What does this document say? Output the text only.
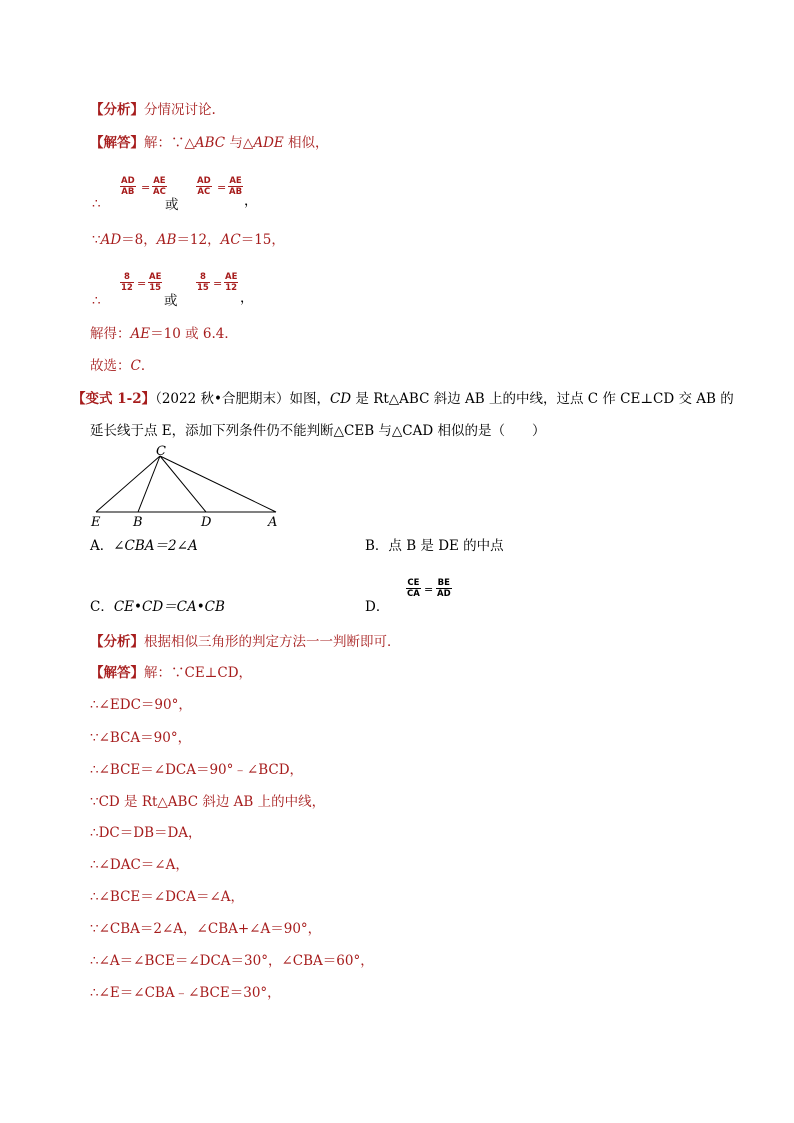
【分析】分情况讨论.
【解答】解：∵△ABC 与△ADE 相似，
∴
$\frac{AD}{AB} = \frac{AE}{AC}$
或
$\frac{AD}{AC} = \frac{AE}{AB}$
，
∵AD＝8，AB＝12，AC＝15，
∴
$\frac{8}{12} = \frac{AE}{15}$
或
$\frac{8}{15} = \frac{AE}{12}$
，
解得：AE＝10 或 6.4．
故选：C．
【变式 1-2】（2022 秋•合肥期末）如图，CD 是 Rt△ABC 斜边 AB 上的中线，过点 C 作 CE⊥CD 交 AB 的
延长线于点 E，添加下列条件仍不能判断△CEB 与△CAD 相似的是（　　）
C
E	B	D	A
A．∠CBA＝2∠A	B．点 B 是 DE 的中点
C．CE•CD＝CA•CB	D．
$\frac{CE}{CA} = \frac{BE}{AD}$
【分析】根据相似三角形的判定方法一一判断即可．
【解答】解：∵CE⊥CD，
∴∠EDC＝90°，
∵∠BCA＝90°，
∴∠BCE＝∠DCA＝90°﹣∠BCD，
∵CD 是 Rt△ABC 斜边 AB 上的中线，
∴DC＝DB＝DA，
∴∠DAC＝∠A，
∴∠BCE＝∠DCA＝∠A，
∵∠CBA＝2∠A，∠CBA+∠A＝90°，
∴∠A＝∠BCE＝∠DCA＝30°，∠CBA＝60°，
∴∠E＝∠CBA﹣∠BCE＝30°，
